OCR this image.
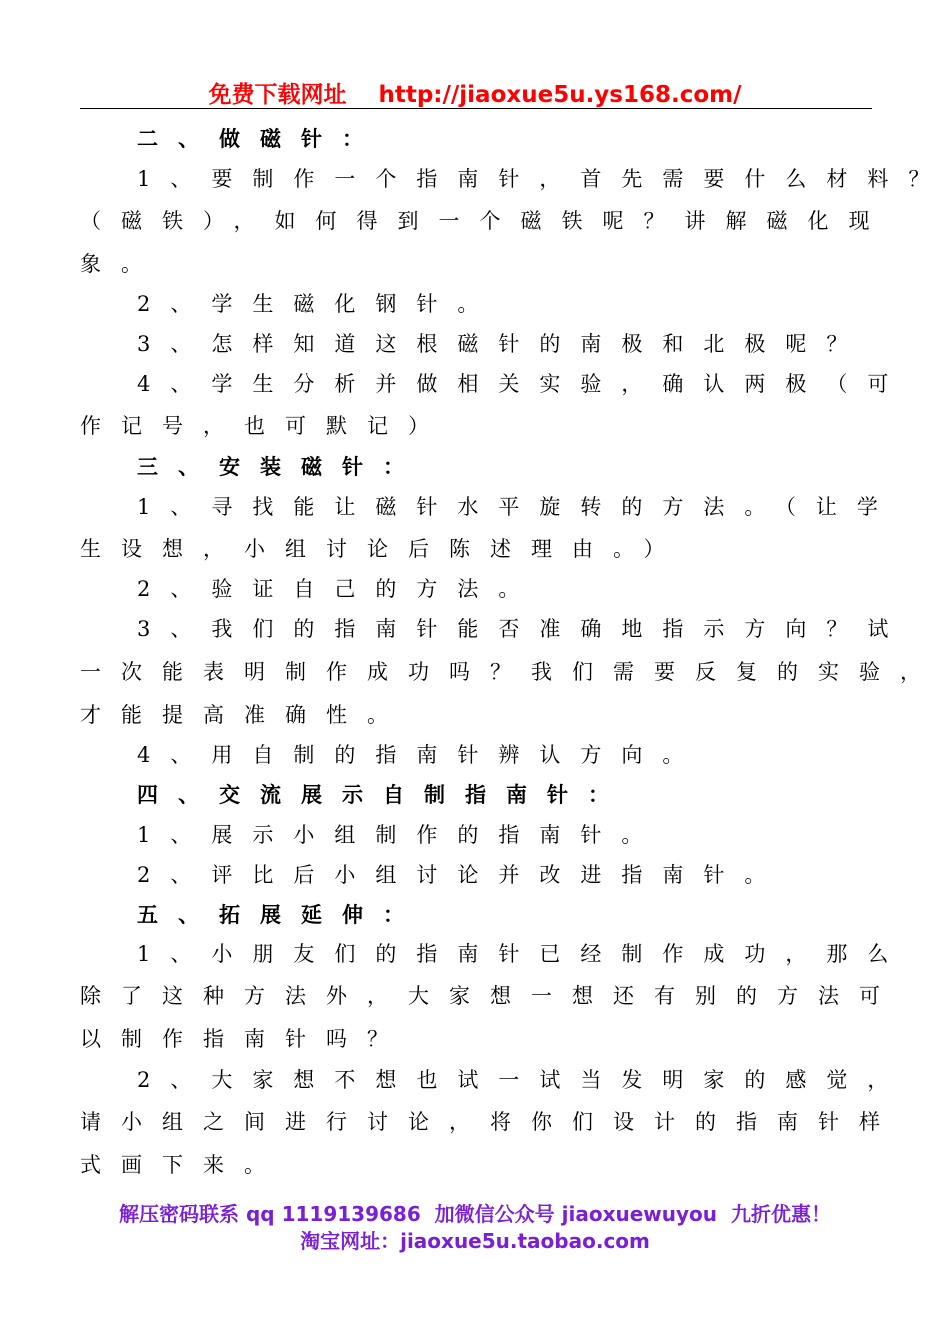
免费下载网址 http://jiaoxue5u.ys168.com/
二、做磁针：
1、要制作一个指南针，首先需要什么材料？
（磁铁），如何得到一个磁铁呢？讲解磁化现
象。
2、学生磁化钢针。
3、怎样知道这根磁针的南极和北极呢？
4、学生分析并做相关实验，确认两极（可
作记号，也可默记）
三、安装磁针：
1、寻找能让磁针水平旋转的方法。（让学
生设想，小组讨论后陈述理由。）
2、验证自己的方法。
3、我们的指南针能否准确地指示方向？试
一次能表明制作成功吗？我们需要反复的实验，
才能提高准确性。
4、用自制的指南针辨认方向。
四、交流展示自制指南针：
1、展示小组制作的指南针。
2、评比后小组讨论并改进指南针。
五、拓展延伸：
1、小朋友们的指南针已经制作成功，那么
除了这种方法外，大家想一想还有别的方法可
以制作指南针吗？
2、大家想不想也试一试当发明家的感觉，
请小组之间进行讨论，将你们设计的指南针样
式画下来。
解压密码联系 qq 1119139686  加微信公众号 jiaoxuewuyou  九折优惠！
淘宝网址：jiaoxue5u.taobao.com
